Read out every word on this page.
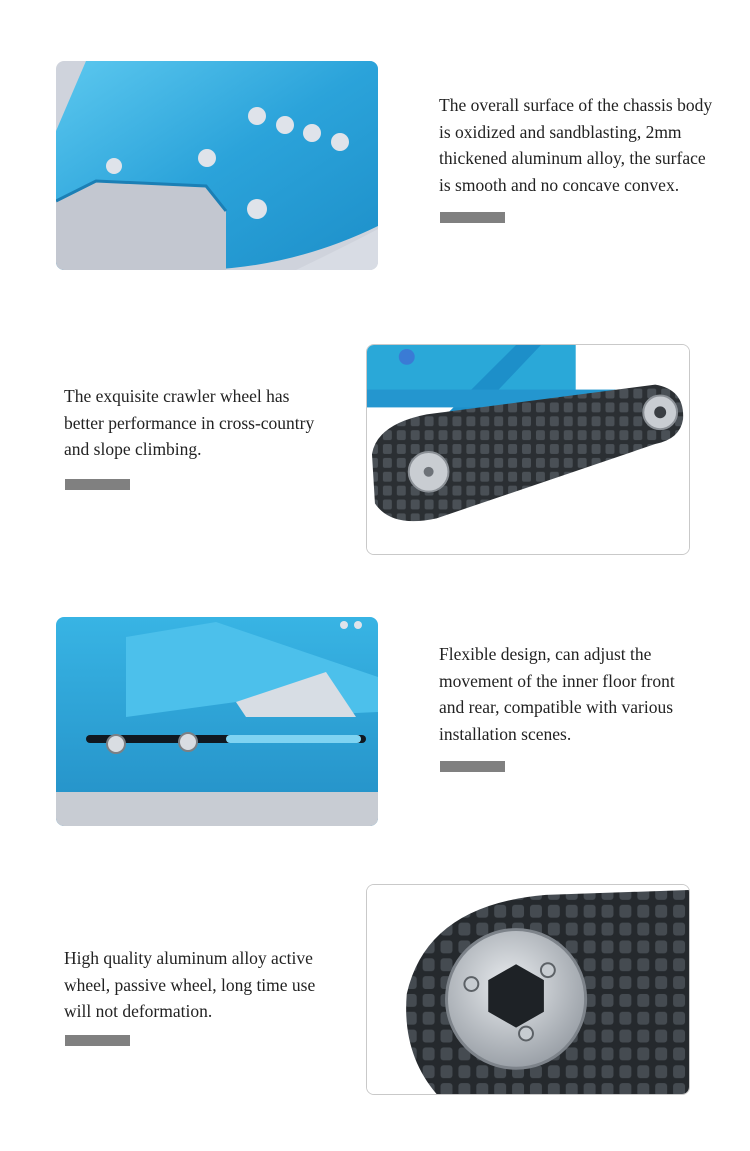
The overall surface of the chassis body

is oxidized and sandblasting, 2mm

thickened aluminum alloy, the surface

is smooth and no concave convex.

The exquisite crawler wheel has

better performance in cross-country

and slope climbing.

Flexible design, can adjust the

movement of the inner floor front

and rear, compatible with various

installation scenes.

High quality aluminum alloy active

wheel, passive wheel, long time use

will not deformation.
